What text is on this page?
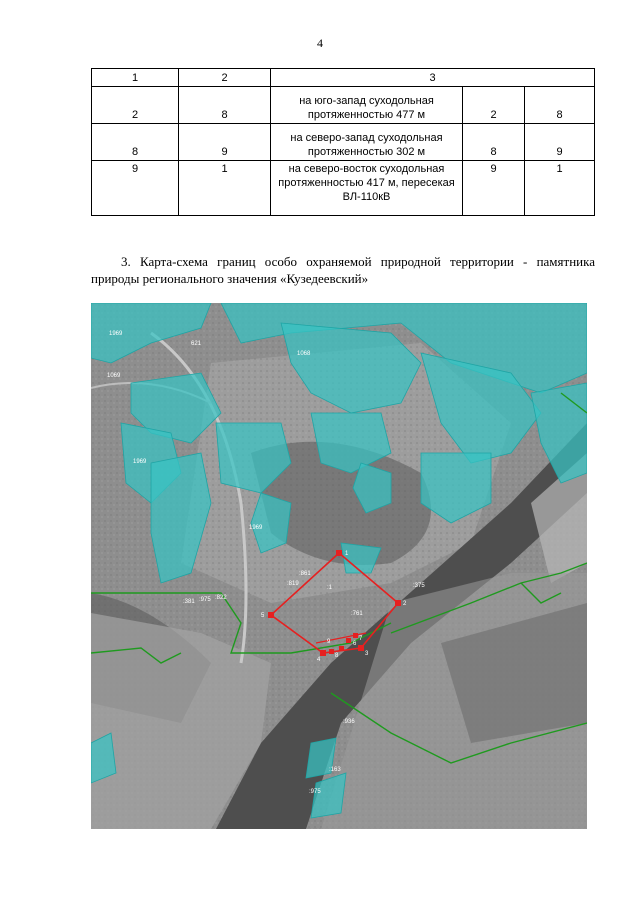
4
1	2	3		
2	8	на юго-запад суходольная протяженностью 477 м	2	8
8	9	на северо-запад суходольная протяженностью 302 м	8	9
9	1	на северо-восток суходольная протяженностью 417 м, пересекая ВЛ-110кВ	9	1
3. Карта-схема границ особо охраняемой природной территории - памятника природы регионального значения «Кузедеевский»
1969
1069
1969
621
1068
1969
:761
:819
:381
:375
:1
:861
:975 :822
:936
:163
:975
1
2
3
4
5
6
7
8
9
